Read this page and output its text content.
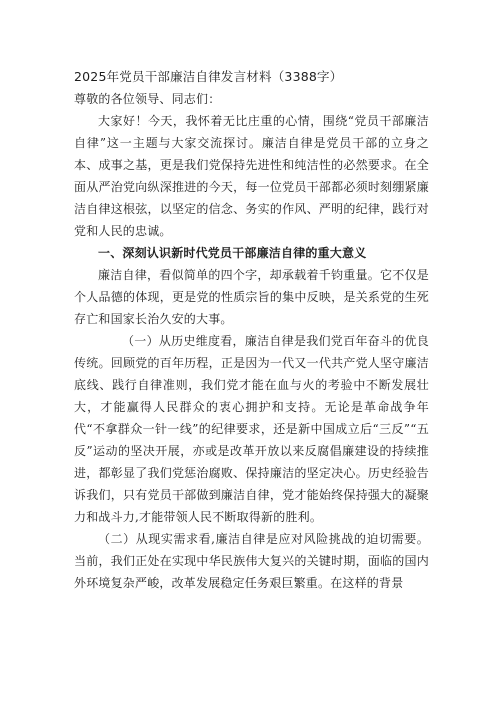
2025年党员干部廉洁自律发言材料（3388字）

尊敬的各位领导、同志们：

大家好！今天，我怀着无比庄重的心情，围绕“党员干部廉洁自律”这一主题与大家交流探讨。廉洁自律是党员干部的立身之本、成事之基，更是我们党保持先进性和纯洁性的必然要求。在全面从严治党向纵深推进的今天，每一位党员干部都必须时刻绷紧廉洁自律这根弦，以坚定的信念、务实的作风、严明的纪律，践行对党和人民的忠诚。

一、深刻认识新时代党员干部廉洁自律的重大意义

廉洁自律，看似简单的四个字，却承载着千钧重量。它不仅是个人品德的体现，更是党的性质宗旨的集中反映，是关系党的生死存亡和国家长治久安的大事。

（一）从历史维度看，廉洁自律是我们党百年奋斗的优良传统。回顾党的百年历程，正是因为一代又一代共产党人坚守廉洁底线、践行自律准则，我们党才能在血与火的考验中不断发展壮大，才能赢得人民群众的衷心拥护和支持。无论是革命战争年代“不拿群众一针一线”的纪律要求，还是新中国成立后“三反”“五反”运动的坚决开展，亦或是改革开放以来反腐倡廉建设的持续推进，都彰显了我们党惩治腐败、保持廉洁的坚定决心。历史经验告诉我们，只有党员干部做到廉洁自律，党才能始终保持强大的凝聚力和战斗力,才能带领人民不断取得新的胜利。

（二）从现实需求看,廉洁自律是应对风险挑战的迫切需要。当前，我们正处在实现中华民族伟大复兴的关键时期，面临的国内外环境复杂严峻，改革发展稳定任务艰巨繁重。在这样的背景
